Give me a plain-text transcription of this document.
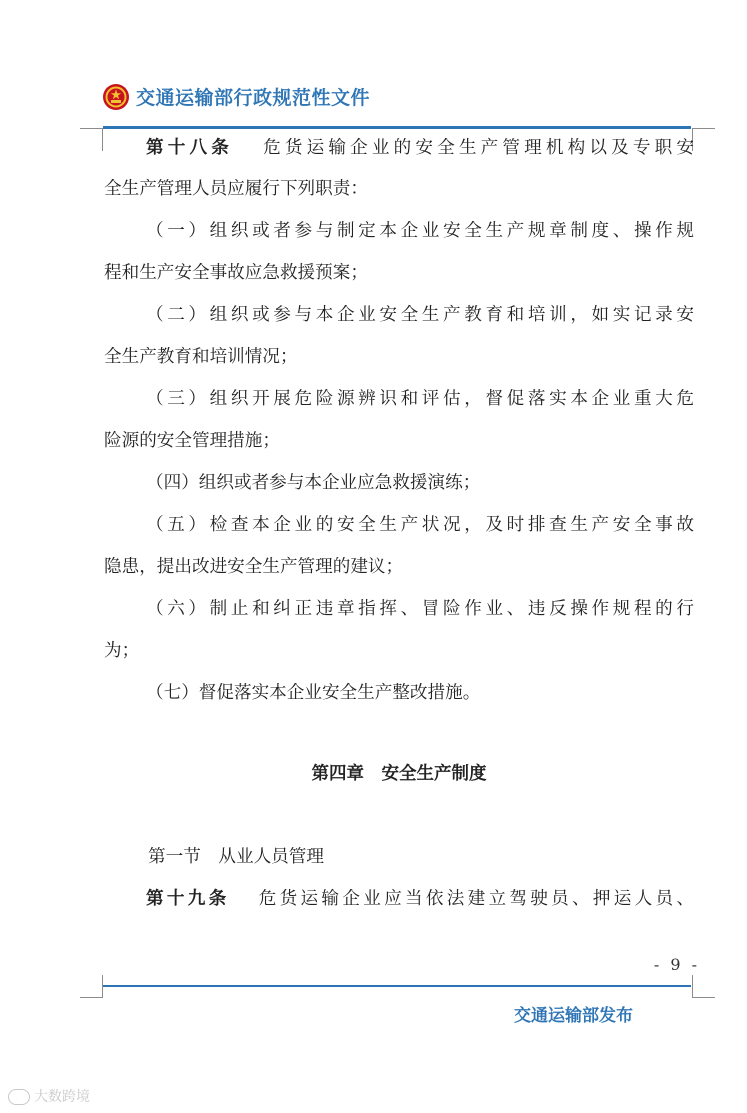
交通运输部行政规范性文件
第十八条 危货运输企业的安全生产管理机构以及专职安
全生产管理人员应履行下列职责：
（一）组织或者参与制定本企业安全生产规章制度、操作规
程和生产安全事故应急救援预案；
（二）组织或参与本企业安全生产教育和培训，如实记录安
全生产教育和培训情况；
（三）组织开展危险源辨识和评估，督促落实本企业重大危
险源的安全管理措施；
（四）组织或者参与本企业应急救援演练；
（五）检查本企业的安全生产状况，及时排查生产安全事故
隐患，提出改进安全生产管理的建议；
（六）制止和纠正违章指挥、冒险作业、违反操作规程的行
为；
（七）督促落实本企业安全生产整改措施。
第四章　安全生产制度
第一节　从业人员管理
第十九条 危货运输企业应当依法建立驾驶员、押运人员、
- 9 -
交通运输部发布
大数跨境
